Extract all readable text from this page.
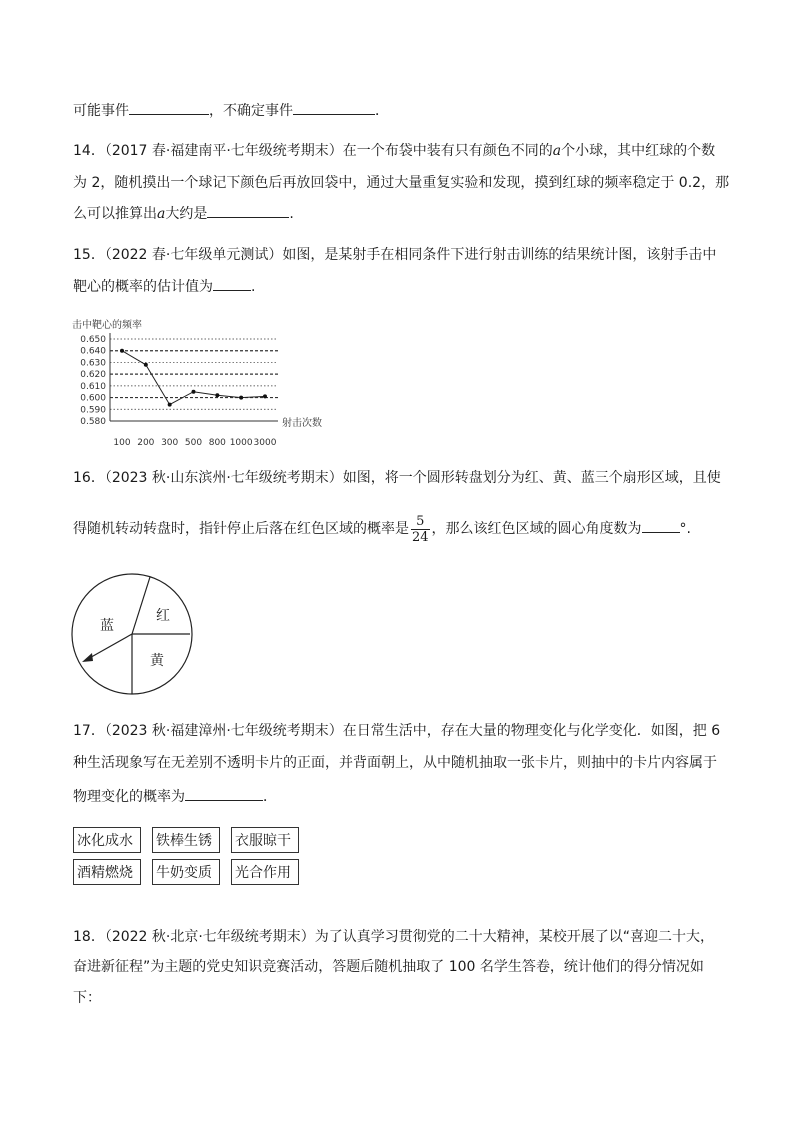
可能事件	，不确定事件	．
14．（2017 春·福建南平·七年级统考期末）在一个布袋中装有只有颜色不同的a个小球，其中红球的个数
为 2，随机摸出一个球记下颜色后再放回袋中，通过大量重复实验和发现，摸到红球的频率稳定于 0.2，那
么可以推算出a大约是	.
15．（2022 春·七年级单元测试）如图，是某射手在相同条件下进行射击训练的结果统计图，该射手击中
靶心的概率的估计值为	.
击中靶心的频率
0.580
0.590
0.600
0.610
0.620
0.630
0.640
0.650
100 200 300 500 800 1000 3000
射击次数
16．（2023 秋·山东滨州·七年级统考期末）如图，将一个圆形转盘划分为红、黄、蓝三个扇形区域，且使
得随机转动转盘时，指针停止后落在红色区域的概率是 $\frac{5}{24}$ ，那么该红色区域的圆心角度数为	°.
蓝
红
黄
17．（2023 秋·福建漳州·七年级统考期末）在日常生活中，存在大量的物理变化与化学变化．如图，把 6
种生活现象写在无差别不透明卡片的正面，并背面朝上，从中随机抽取一张卡片，则抽中的卡片内容属于
物理变化的概率为	．
冰化成水	铁棒生锈	衣服晾干
酒精燃烧	牛奶变质	光合作用
18．（2022 秋·北京·七年级统考期末）为了认真学习贯彻党的二十大精神，某校开展了以“喜迎二十大，
奋进新征程”为主题的党史知识竞赛活动，答题后随机抽取了 100 名学生答卷，统计他们的得分情况如
下：
